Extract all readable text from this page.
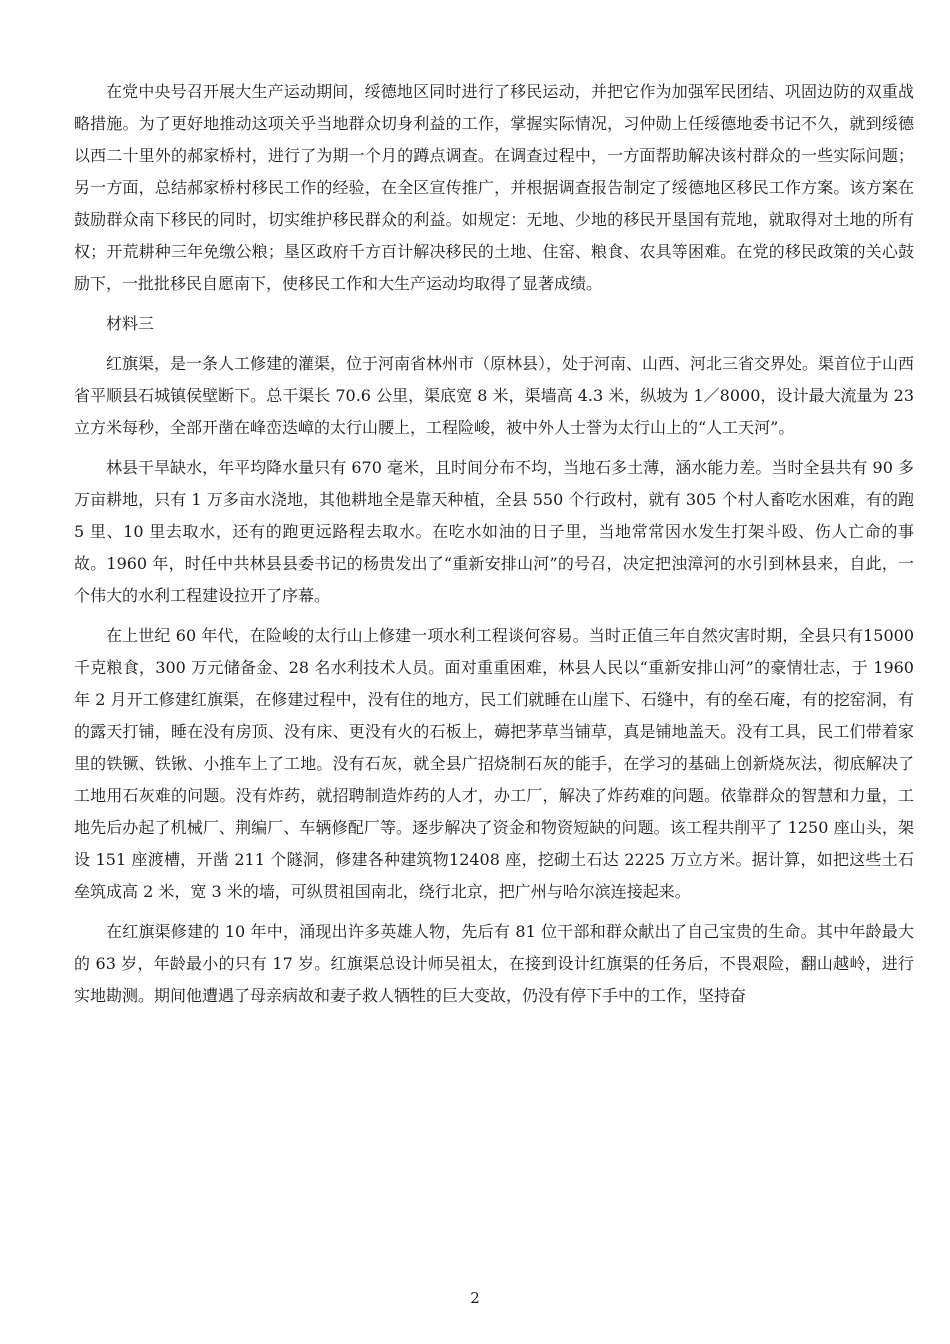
在党中央号召开展大生产运动期间，绥德地区同时进行了移民运动，并把它作为加强军民团结、巩固边防的双重战略措施。为了更好地推动这项关乎当地群众切身利益的工作，掌握实际情况，习仲勋上任绥德地委书记不久，就到绥德以西二十里外的郝家桥村，进行了为期一个月的蹲点调查。在调查过程中，一方面帮助解决该村群众的一些实际问题；另一方面，总结郝家桥村移民工作的经验，在全区宣传推广，并根据调查报告制定了绥德地区移民工作方案。该方案在鼓励群众南下移民的同时，切实维护移民群众的利益。如规定：无地、少地的移民开垦国有荒地，就取得对土地的所有权；开荒耕种三年免缴公粮；垦区政府千方百计解决移民的土地、住窑、粮食、农具等困难。在党的移民政策的关心鼓励下，一批批移民自愿南下，使移民工作和大生产运动均取得了显著成绩。

材料三

红旗渠，是一条人工修建的灌渠，位于河南省林州市（原林县），处于河南、山西、河北三省交界处。渠首位于山西省平顺县石城镇侯壁断下。总干渠长 70.6 公里，渠底宽 8 米，渠墙高 4.3 米，纵坡为 1／8000，设计最大流量为 23 立方米每秒，全部开凿在峰峦迭嶂的太行山腰上，工程险峻，被中外人士誉为太行山上的“人工天河”。

林县干旱缺水，年平均降水量只有 670 毫米，且时间分布不均，当地石多土薄，涵水能力差。当时全县共有 90 多万亩耕地，只有 1 万多亩水浇地，其他耕地全是靠天种植，全县 550 个行政村，就有 305 个村人畜吃水困难，有的跑 5 里、10 里去取水，还有的跑更远路程去取水。在吃水如油的日子里，当地常常因水发生打架斗殴、伤人亡命的事故。1960 年，时任中共林县县委书记的杨贵发出了“重新安排山河”的号召，决定把浊漳河的水引到林县来，自此，一个伟大的水利工程建设拉开了序幕。

在上世纪 60 年代，在险峻的太行山上修建一项水利工程谈何容易。当时正值三年自然灾害时期，全县只有15000 千克粮食，300 万元储备金、28 名水利技术人员。面对重重困难，林县人民以“重新安排山河”的豪情壮志，于 1960 年 2 月开工修建红旗渠，在修建过程中，没有住的地方，民工们就睡在山崖下、石缝中，有的垒石庵，有的挖窑洞，有的露天打铺，睡在没有房顶、没有床、更没有火的石板上，薅把茅草当铺草，真是铺地盖天。没有工具，民工们带着家里的铁镢、铁锹、小推车上了工地。没有石灰，就全县广招烧制石灰的能手，在学习的基础上创新烧灰法，彻底解决了工地用石灰难的问题。没有炸药，就招聘制造炸药的人才，办工厂，解决了炸药难的问题。依靠群众的智慧和力量，工地先后办起了机械厂、荆编厂、车辆修配厂等。逐步解决了资金和物资短缺的问题。该工程共削平了 1250 座山头，架设 151 座渡槽，开凿 211 个隧洞，修建各种建筑物12408 座，挖砌土石达 2225 万立方米。据计算，如把这些土石垒筑成高 2 米，宽 3 米的墙，可纵贯祖国南北，绕行北京，把广州与哈尔滨连接起来。

在红旗渠修建的 10 年中，涌现出许多英雄人物，先后有 81 位干部和群众献出了自己宝贵的生命。其中年龄最大的 63 岁，年龄最小的只有 17 岁。红旗渠总设计师吴祖太，在接到设计红旗渠的任务后，不畏艰险，翻山越岭，进行实地勘测。期间他遭遇了母亲病故和妻子救人牺牲的巨大变故，仍没有停下手中的工作，坚持奋

2
